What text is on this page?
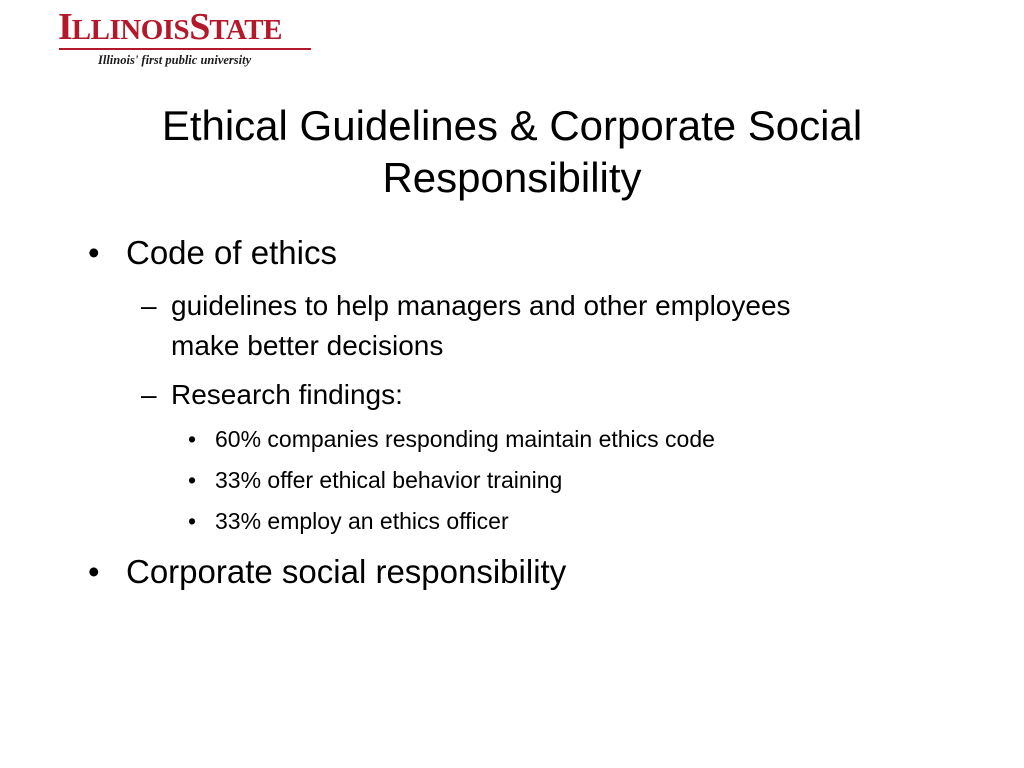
ILLINOISSTATE
Illinois' first public university
Ethical Guidelines & Corporate Social Responsibility
• Code of ethics
– guidelines to help managers and other employees
make better decisions
– Research findings:
• 60% companies responding maintain ethics code
• 33% offer ethical behavior training
• 33% employ an ethics officer
• Corporate social responsibility
